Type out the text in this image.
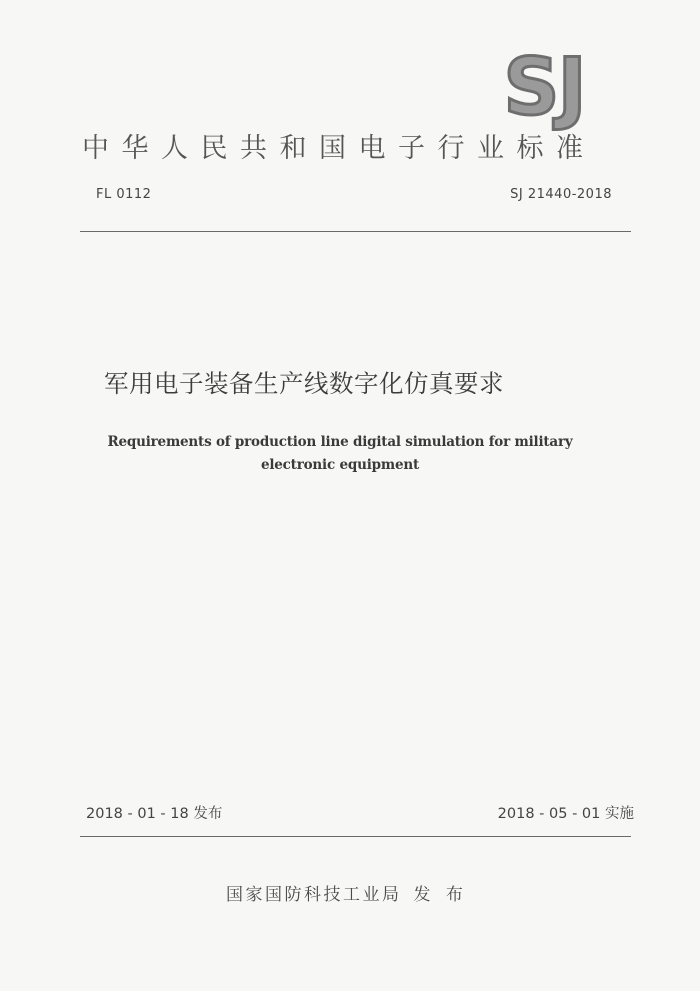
SJ
中华人民共和国电子行业标准
FL 0112	SJ 21440-2018
军用电子装备生产线数字化仿真要求
Requirements of production line digital simulation for military
electronic equipment
2018 - 01 - 18 发布	2018 - 05 - 01 实施
国家国防科技工业局 发 布
